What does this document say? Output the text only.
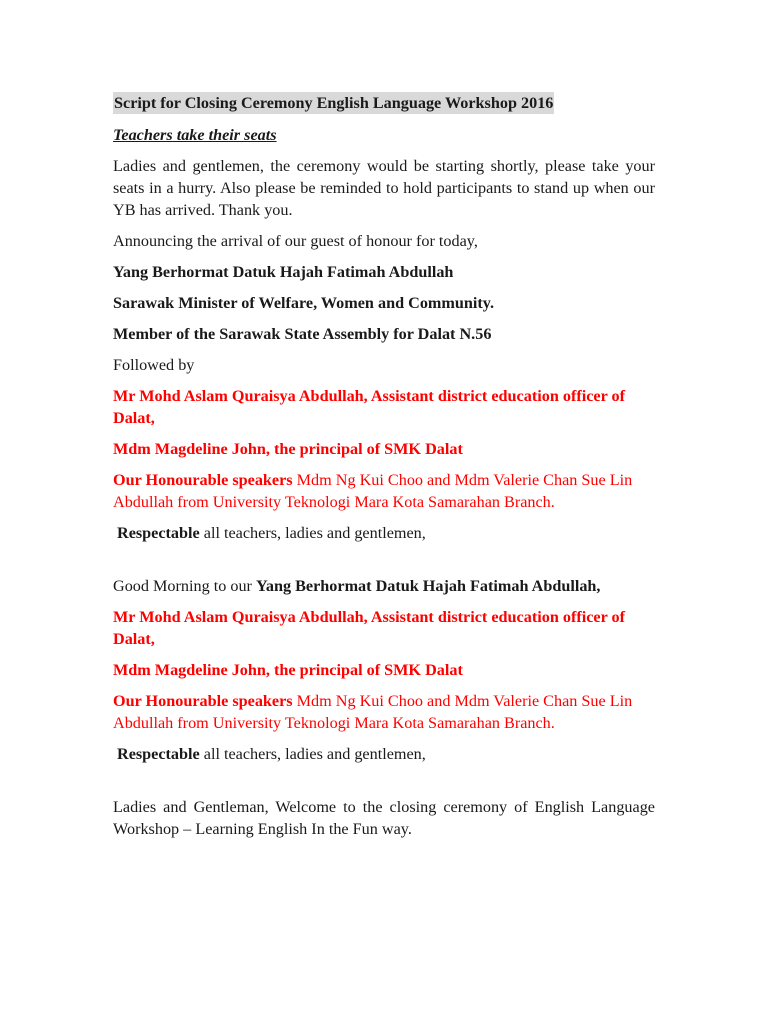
Script for Closing Ceremony English Language Workshop 2016

Teachers take their seats

Ladies and gentlemen, the ceremony would be starting shortly, please take your seats in a hurry. Also please be reminded to hold participants to stand up when our YB has arrived. Thank you.

Announcing the arrival of our guest of honour for today,

Yang Berhormat Datuk Hajah Fatimah Abdullah

Sarawak Minister of Welfare, Women and Community.

Member of the Sarawak State Assembly for Dalat N.56

Followed by

Mr Mohd Aslam Quraisya Abdullah, Assistant district education officer of Dalat,

Mdm Magdeline John, the principal of SMK Dalat

Our Honourable speakers Mdm Ng Kui Choo and Mdm Valerie Chan Sue Lin Abdullah from University Teknologi Mara Kota Samarahan Branch.

Respectable all teachers, ladies and gentlemen,

Good Morning to our Yang Berhormat Datuk Hajah Fatimah Abdullah,

Mr Mohd Aslam Quraisya Abdullah, Assistant district education officer of Dalat,

Mdm Magdeline John, the principal of SMK Dalat

Our Honourable speakers Mdm Ng Kui Choo and Mdm Valerie Chan Sue Lin Abdullah from University Teknologi Mara Kota Samarahan Branch.

Respectable all teachers, ladies and gentlemen,

Ladies and Gentleman, Welcome to the closing ceremony of English Language Workshop – Learning English In the Fun way.
